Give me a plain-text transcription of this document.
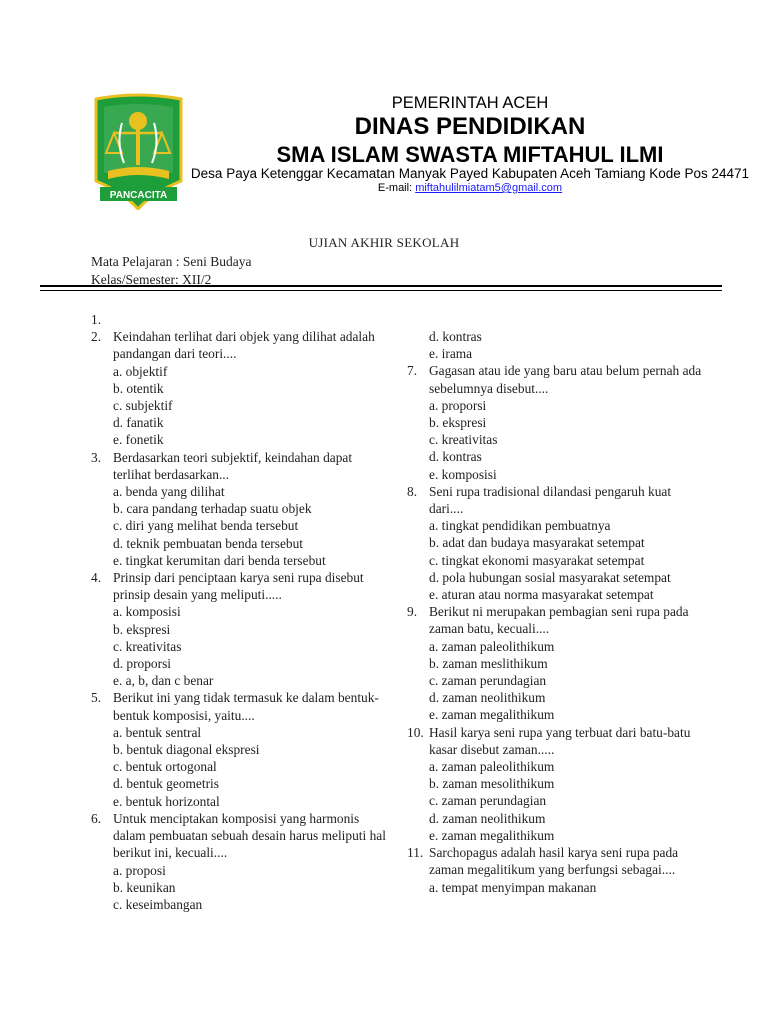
PANCACITA
PEMERINTAH ACEH
DINAS PENDIDIKAN
SMA ISLAM SWASTA MIFTAHUL ILMI
Desa Paya Ketenggar Kecamatan Manyak Payed Kabupaten Aceh Tamiang Kode Pos 24471
E-mail: miftahulilmiatam5@gmail.com
UJIAN AKHIR SEKOLAH
Mata Pelajaran : Seni Budaya
Kelas/Semester: XII/2
1.

2. Keindahan terlihat dari objek yang dilihat adalah pandangan dari teori....
a. objektif
b. otentik
c. subjektif
d. fanatik
e. fonetik
3. Berdasarkan teori subjektif, keindahan dapat terlihat berdasarkan...
a. benda yang dilihat
b. cara pandang terhadap suatu objek
c. diri yang melihat benda tersebut
d. teknik pembuatan benda tersebut
e. tingkat kerumitan dari benda tersebut
4. Prinsip dari penciptaan karya seni rupa disebut prinsip desain yang meliputi.....
a. komposisi
b. ekspresi
c. kreativitas
d. proporsi
e. a, b, dan c benar
5. Berikut ini yang tidak termasuk ke dalam bentuk-bentuk komposisi, yaitu....
a. bentuk sentral
b. bentuk diagonal ekspresi
c. bentuk ortogonal
d. bentuk geometris
e. bentuk horizontal
6. Untuk menciptakan komposisi yang harmonis dalam pembuatan sebuah desain harus meliputi hal berikut ini, kecuali....
a. proposi
b. keunikan
c. keseimbangan
d. kontras
e. irama
7. Gagasan atau ide yang baru atau belum pernah ada sebelumnya disebut....
a. proporsi
b. ekspresi
c. kreativitas
d. kontras
e. komposisi
8. Seni rupa tradisional dilandasi pengaruh kuat dari....
a. tingkat pendidikan pembuatnya
b. adat dan budaya masyarakat setempat
c. tingkat ekonomi masyarakat setempat
d. pola hubungan sosial masyarakat setempat
e. aturan atau norma masyarakat setempat
9. Berikut ni merupakan pembagian seni rupa pada zaman batu, kecuali....
a. zaman paleolithikum
b. zaman meslithikum
c. zaman perundagian
d. zaman neolithikum
e. zaman megalithikum
10. Hasil karya seni rupa yang terbuat dari batu-batu kasar disebut zaman.....
a. zaman paleolithikum
b. zaman mesolithikum
c. zaman perundagian
d. zaman neolithikum
e. zaman megalithikum
11. Sarchopagus adalah hasil karya seni rupa pada zaman megalitikum yang berfungsi sebagai....
a. tempat menyimpan makanan
